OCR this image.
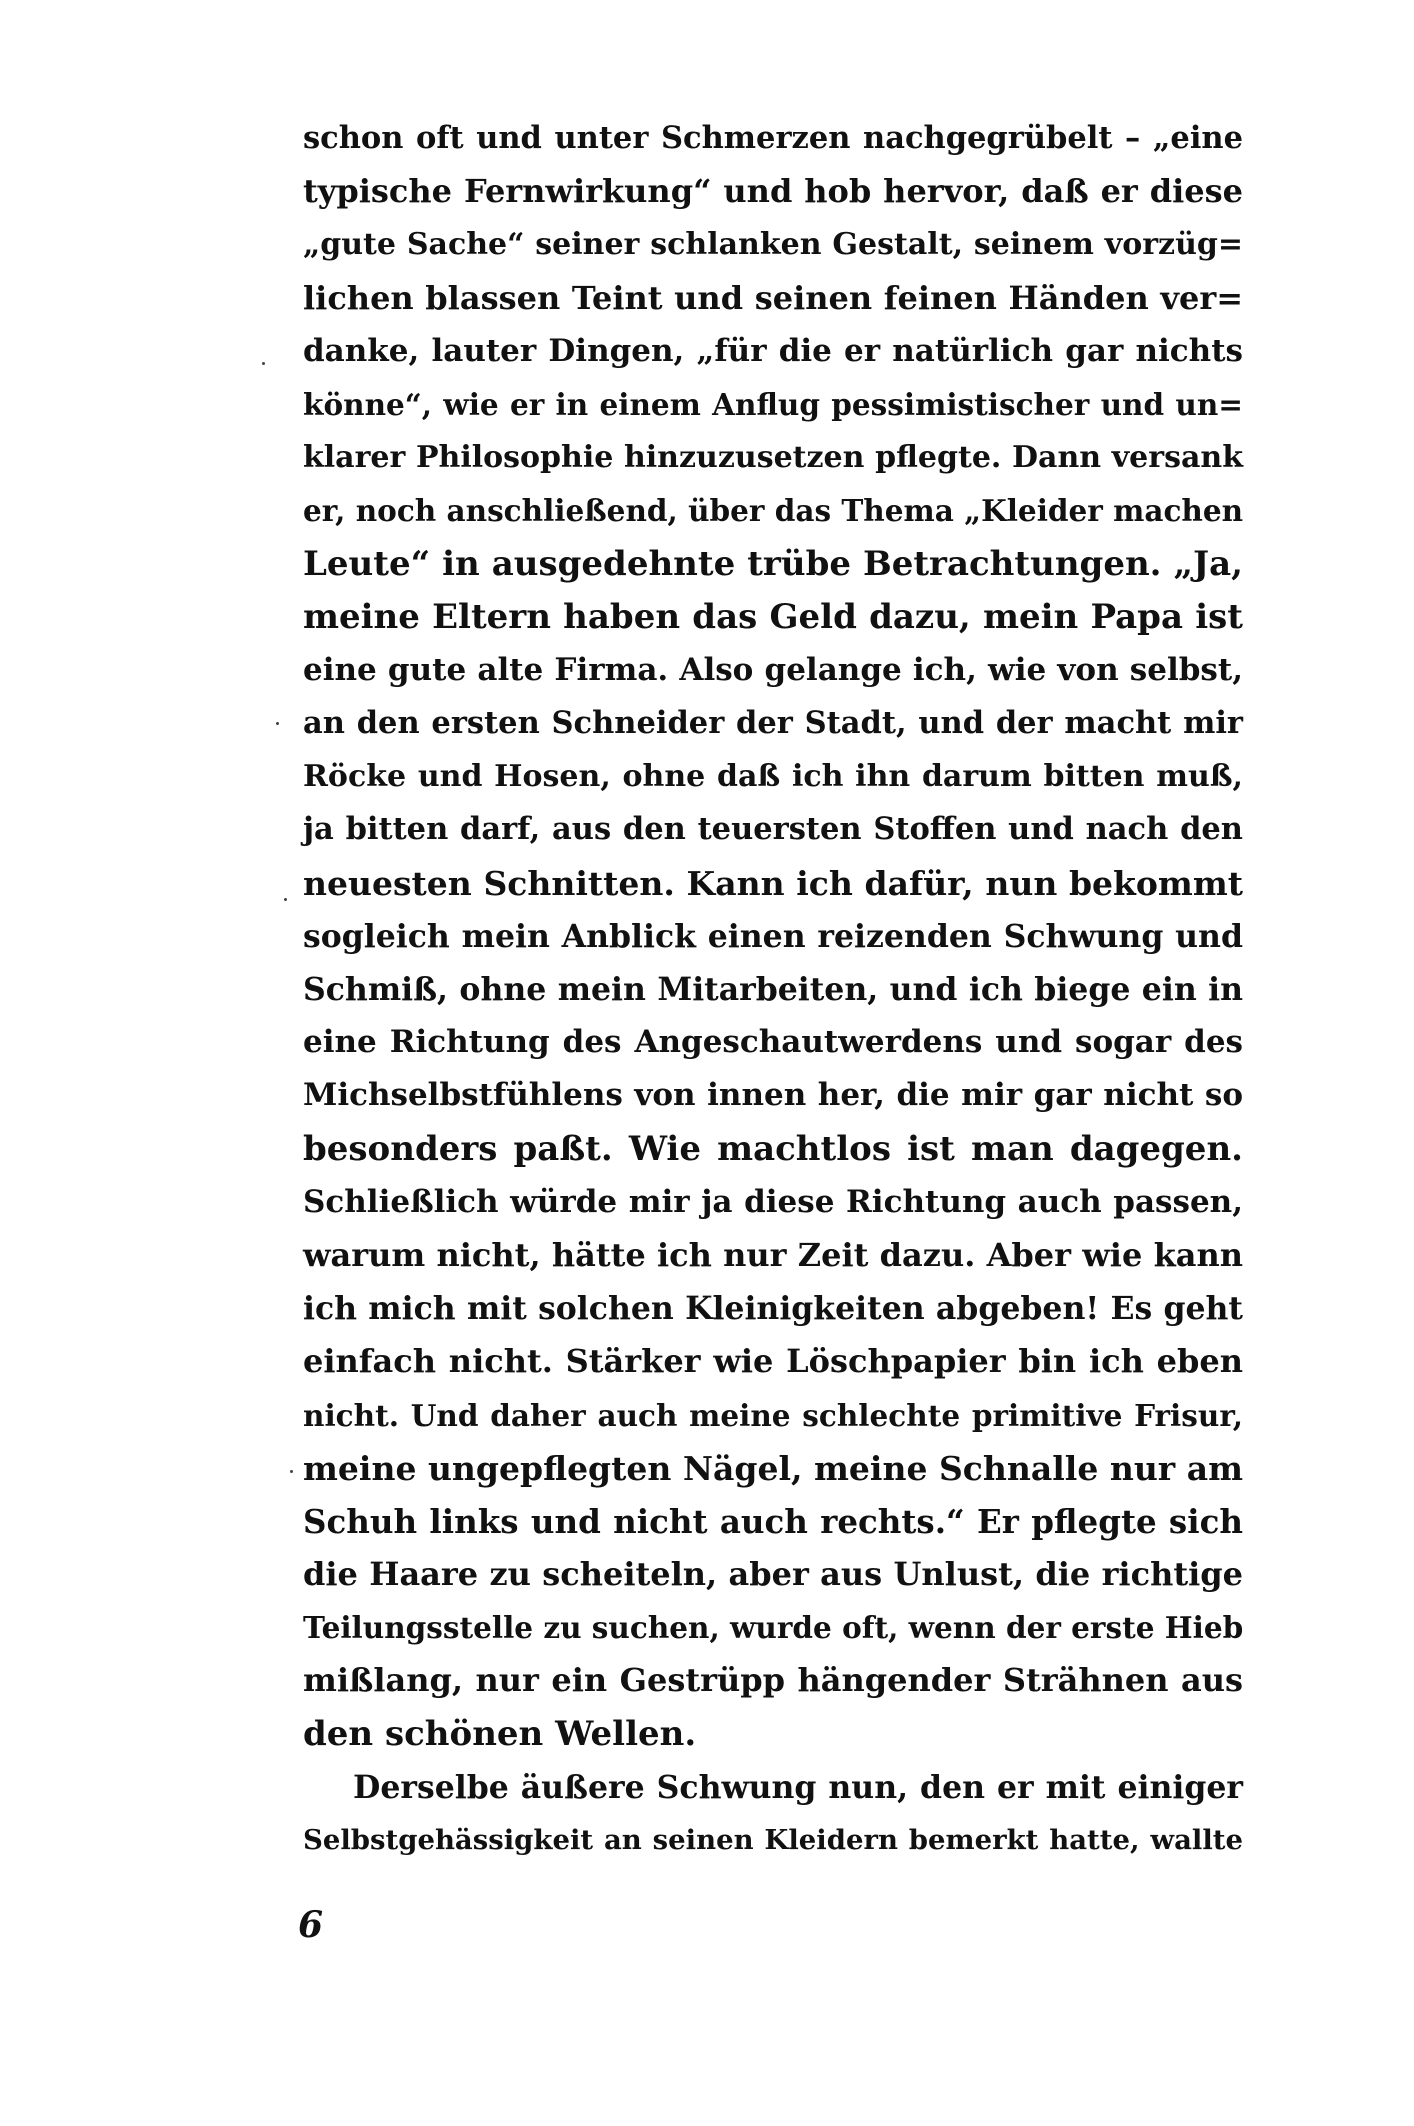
schon oft und unter Schmerzen nachgegrübelt – „eine
typische Fernwirkung“ und hob hervor, daß er diese
„gute Sache“ seiner schlanken Gestalt, seinem vorzüg=
lichen blassen Teint und seinen feinen Händen ver=
danke, lauter Dingen, „für die er natürlich gar nichts
könne“, wie er in einem Anflug pessimistischer und un=
klarer Philosophie hinzuzusetzen pflegte. Dann versank
er, noch anschließend, über das Thema „Kleider machen
Leute“ in ausgedehnte trübe Betrachtungen. „Ja,
meine Eltern haben das Geld dazu, mein Papa ist
eine gute alte Firma. Also gelange ich, wie von selbst,
an den ersten Schneider der Stadt, und der macht mir
Röcke und Hosen, ohne daß ich ihn darum bitten muß,
ja bitten darf, aus den teuersten Stoffen und nach den
neuesten Schnitten. Kann ich dafür, nun bekommt
sogleich mein Anblick einen reizenden Schwung und
Schmiß, ohne mein Mitarbeiten, und ich biege ein in
eine Richtung des Angeschautwerdens und sogar des
Michselbstfühlens von innen her, die mir gar nicht so
besonders paßt. Wie machtlos ist man dagegen.
Schließlich würde mir ja diese Richtung auch passen,
warum nicht, hätte ich nur Zeit dazu. Aber wie kann
ich mich mit solchen Kleinigkeiten abgeben! Es geht
einfach nicht. Stärker wie Löschpapier bin ich eben
nicht. Und daher auch meine schlechte primitive Frisur,
meine ungepflegten Nägel, meine Schnalle nur am
Schuh links und nicht auch rechts.“ Er pflegte sich
die Haare zu scheiteln, aber aus Unlust, die richtige
Teilungsstelle zu suchen, wurde oft, wenn der erste Hieb
mißlang, nur ein Gestrüpp hängender Strähnen aus
den schönen Wellen.
Derselbe äußere Schwung nun, den er mit einiger
Selbstgehässigkeit an seinen Kleidern bemerkt hatte, wallte
6
